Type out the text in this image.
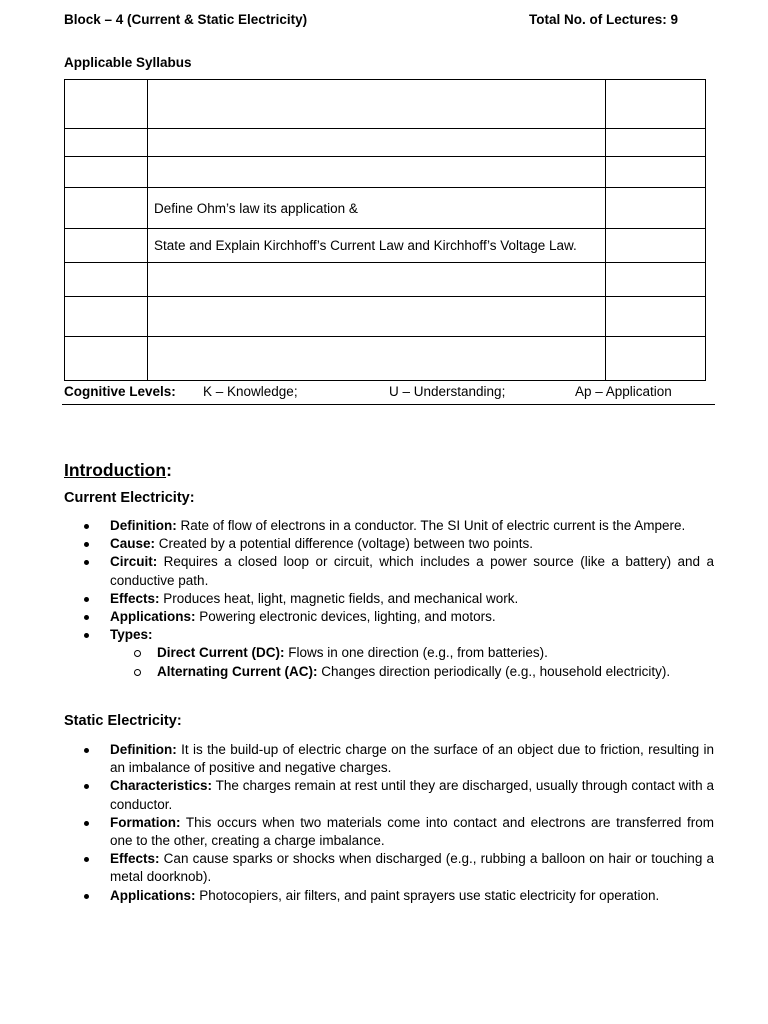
Block – 4 (Current & Static Electricity)	Total No. of Lectures: 9
Applicable Syllabus

	Define Ohm’s law its application &	
	State and Explain Kirchhoff’s Current Law and Kirchhoff’s Voltage Law.	

Cognitive Levels: K – Knowledge;	U – Understanding;	Ap – Application
Introduction:
Current Electricity:
Definition: Rate of flow of electrons in a conductor. The SI Unit of electric current is the Ampere.
Cause: Created by a potential difference (voltage) between two points.
Circuit: Requires a closed loop or circuit, which includes a power source (like a battery) and a conductive path.
Effects: Produces heat, light, magnetic fields, and mechanical work.
Applications: Powering electronic devices, lighting, and motors.
Types:
Direct Current (DC): Flows in one direction (e.g., from batteries).
Alternating Current (AC): Changes direction periodically (e.g., household electricity).
Static Electricity:
Definition: It is the build-up of electric charge on the surface of an object due to friction, resulting in an imbalance of positive and negative charges.
Characteristics: The charges remain at rest until they are discharged, usually through contact with a conductor.
Formation: This occurs when two materials come into contact and electrons are transferred from one to the other, creating a charge imbalance.
Effects: Can cause sparks or shocks when discharged (e.g., rubbing a balloon on hair or touching a metal doorknob).
Applications: Photocopiers, air filters, and paint sprayers use static electricity for operation.
